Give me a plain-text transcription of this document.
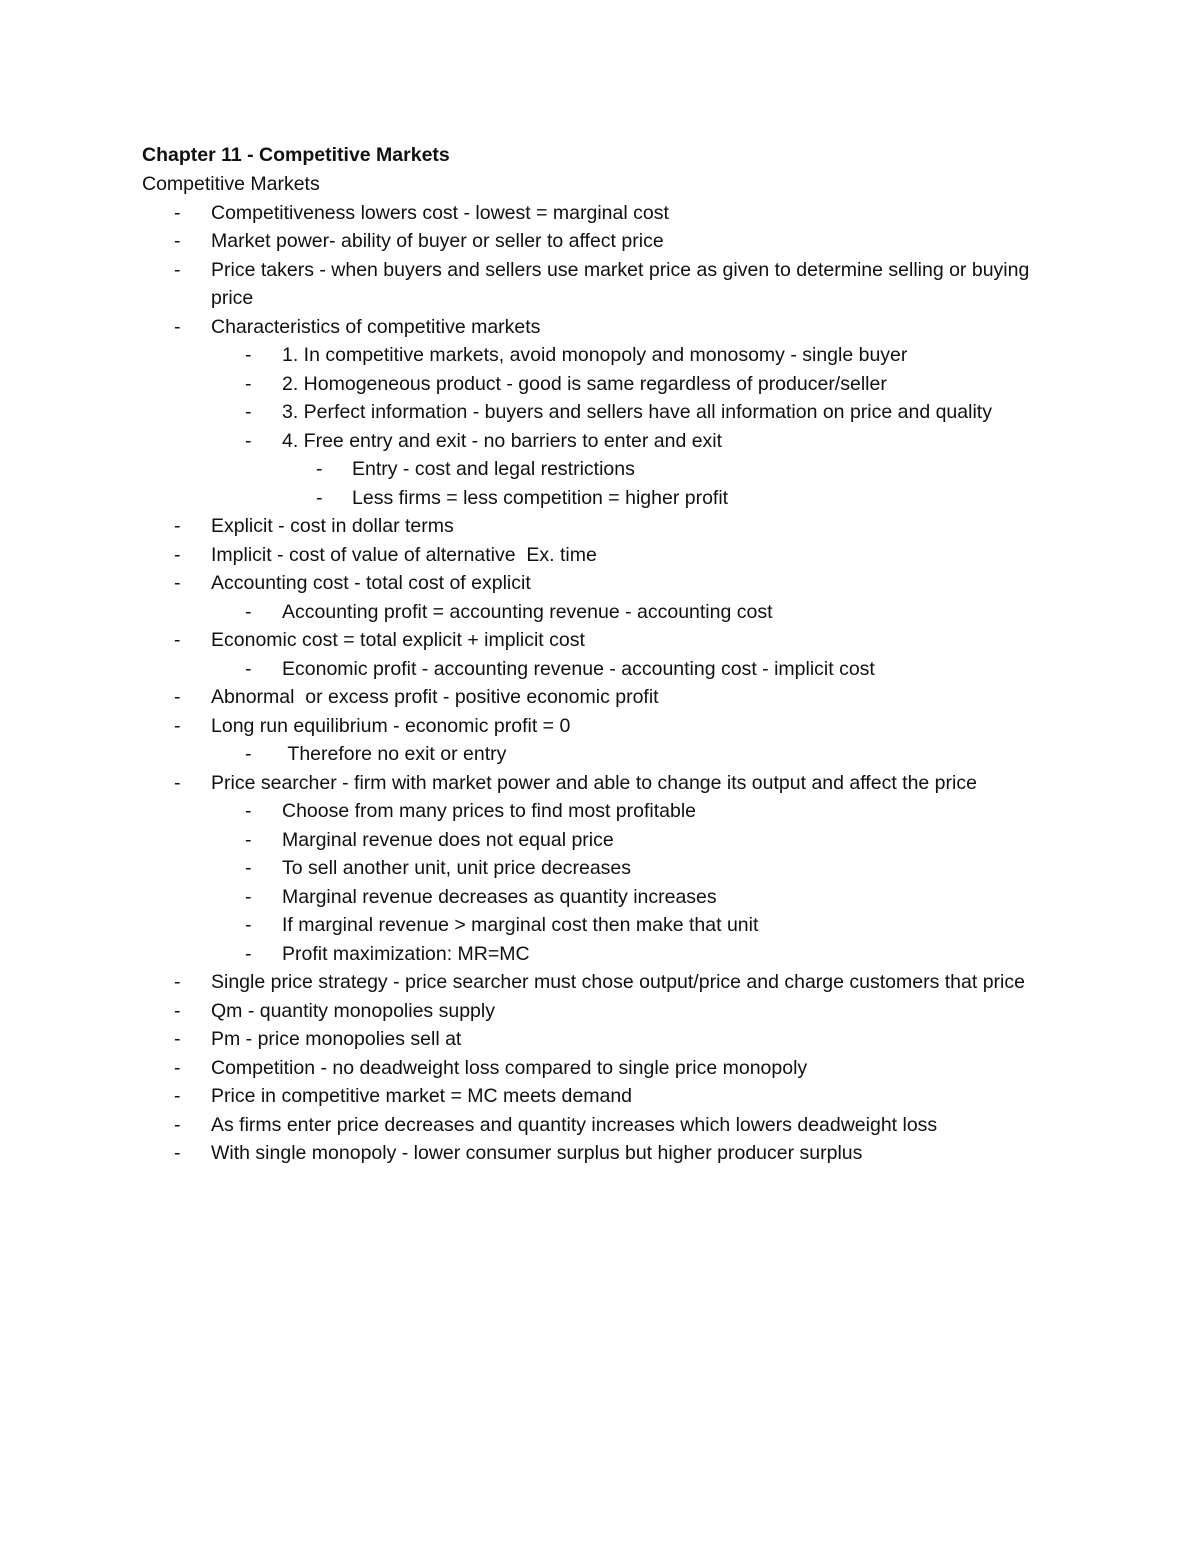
Chapter 11 - Competitive Markets
Competitive Markets
- Competitiveness lowers cost - lowest = marginal cost
- Market power- ability of buyer or seller to affect price
- Price takers - when buyers and sellers use market price as given to determine selling or buying price
- Characteristics of competitive markets
- 1. In competitive markets, avoid monopoly and monosomy - single buyer
- 2. Homogeneous product - good is same regardless of producer/seller
- 3. Perfect information - buyers and sellers have all information on price and quality
- 4. Free entry and exit - no barriers to enter and exit
- Entry - cost and legal restrictions
- Less firms = less competition = higher profit
- Explicit - cost in dollar terms
- Implicit - cost of value of alternative  Ex. time
- Accounting cost - total cost of explicit
- Accounting profit = accounting revenue - accounting cost
- Economic cost = total explicit + implicit cost
- Economic profit - accounting revenue - accounting cost - implicit cost
- Abnormal  or excess profit - positive economic profit
- Long run equilibrium - economic profit = 0
- Therefore no exit or entry
- Price searcher - firm with market power and able to change its output and affect the price
- Choose from many prices to find most profitable
- Marginal revenue does not equal price
- To sell another unit, unit price decreases
- Marginal revenue decreases as quantity increases
- If marginal revenue > marginal cost then make that unit
- Profit maximization: MR=MC
- Single price strategy - price searcher must chose output/price and charge customers that price
- Qm - quantity monopolies supply
- Pm - price monopolies sell at
- Competition - no deadweight loss compared to single price monopoly
- Price in competitive market = MC meets demand
- As firms enter price decreases and quantity increases which lowers deadweight loss
- With single monopoly - lower consumer surplus but higher producer surplus
